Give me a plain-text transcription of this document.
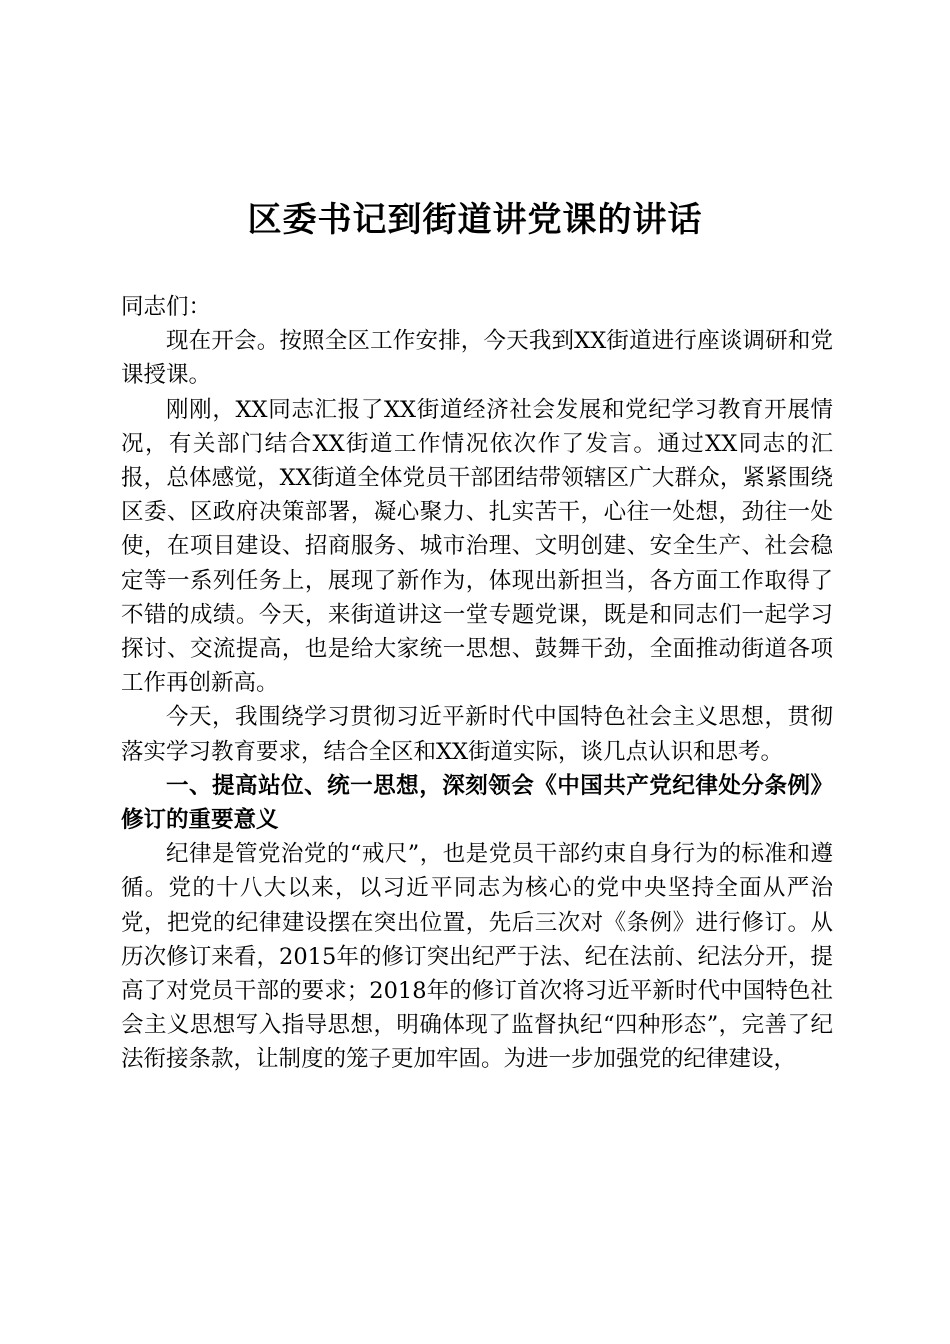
区委书记到街道讲党课的讲话

同志们：

现在开会。按照全区工作安排，今天我到XX街道进行座谈调研和党课授课。

刚刚，XX同志汇报了XX街道经济社会发展和党纪学习教育开展情况，有关部门结合XX街道工作情况依次作了发言。通过XX同志的汇报，总体感觉，XX街道全体党员干部团结带领辖区广大群众，紧紧围绕区委、区政府决策部署，凝心聚力、扎实苦干，心往一处想，劲往一处使，在项目建设、招商服务、城市治理、文明创建、安全生产、社会稳定等一系列任务上，展现了新作为，体现出新担当，各方面工作取得了不错的成绩。今天，来街道讲这一堂专题党课，既是和同志们一起学习探讨、交流提高，也是给大家统一思想、鼓舞干劲，全面推动街道各项工作再创新高。

今天，我围绕学习贯彻习近平新时代中国特色社会主义思想，贯彻落实学习教育要求，结合全区和XX街道实际，谈几点认识和思考。

一、提高站位、统一思想，深刻领会《中国共产党纪律处分条例》修订的重要意义

纪律是管党治党的“戒尺”，也是党员干部约束自身行为的标准和遵循。党的十八大以来，以习近平同志为核心的党中央坚持全面从严治党，把党的纪律建设摆在突出位置，先后三次对《条例》进行修订。从历次修订来看，2015年的修订突出纪严于法、纪在法前、纪法分开，提高了对党员干部的要求；2018年的修订首次将习近平新时代中国特色社会主义思想写入指导思想，明确体现了监督执纪“四种形态”，完善了纪法衔接条款，让制度的笼子更加牢固。为进一步加强党的纪律建设，
